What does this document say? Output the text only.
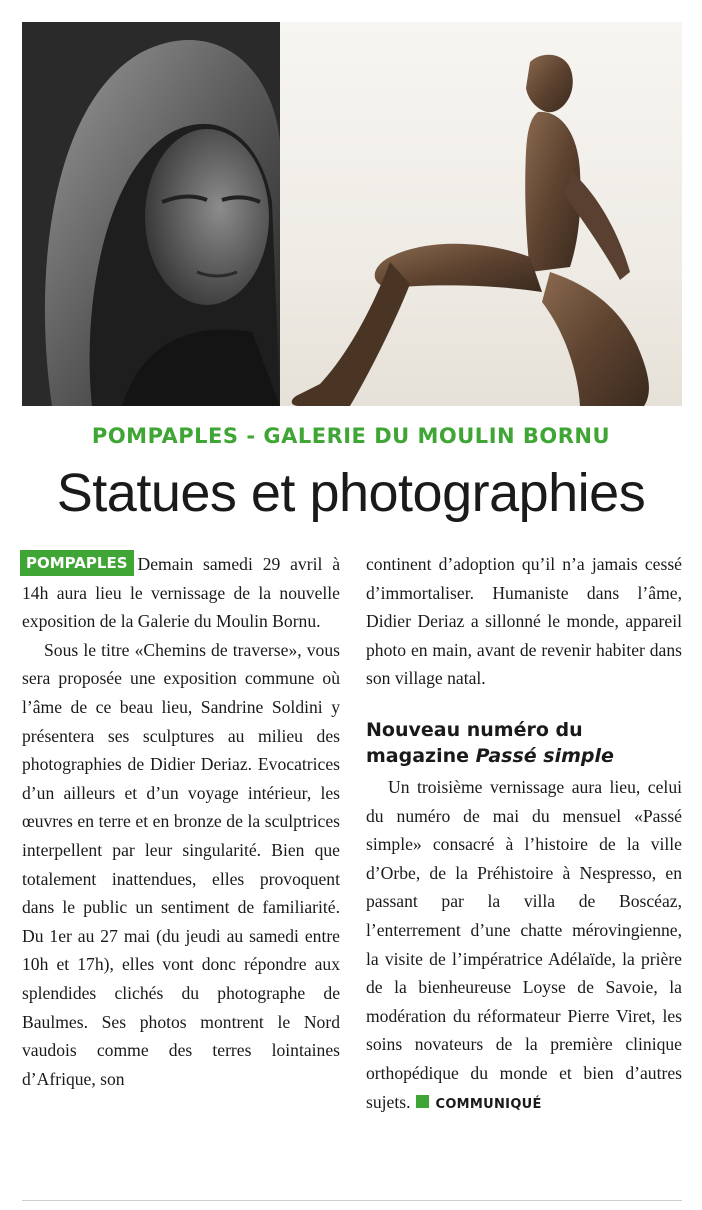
POMPAPLES - GALERIE DU MOULIN BORNU
Statues et photographies

POMPAPLES Demain samedi 29 avril à 14h aura lieu le vernissage de la nouvelle exposition de la Galerie du Moulin Bornu.

Sous le titre «Chemins de traverse», vous sera proposée une exposition commune où l’âme de ce beau lieu, Sandrine Soldini y présentera ses sculptures au milieu des photographies de Didier Deriaz. Evocatrices d’un ailleurs et d’un voyage intérieur, les œuvres en terre et en bronze de la sculptrices interpellent par leur singularité. Bien que totalement inattendues, elles provoquent dans le public un sentiment de familiarité. Du 1er au 27 mai (du jeudi au samedi entre 10h et 17h), elles vont donc répondre aux splendides clichés du photographe de Baulmes. Ses photos montrent le Nord vaudois comme des terres lointaines d’Afrique, son

continent d’adoption qu’il n’a jamais cessé d’immortaliser. Humaniste dans l’âme, Didier Deriaz a sillonné le monde, appareil photo en main, avant de revenir habiter dans son village natal.

Nouveau numéro du magazine Passé simple

Un troisième vernissage aura lieu, celui du numéro de mai du mensuel «Passé simple» consacré à l’histoire de la ville d’Orbe, de la Préhistoire à Nespresso, en passant par la villa de Boscéaz, l’enterrement d’une chatte mérovingienne, la visite de l’impératrice Adélaïde, la prière de la bienheureuse Loyse de Savoie, la modération du réformateur Pierre Viret, les soins novateurs de la première clinique orthopédique du monde et bien d’autres sujets. COMMUNIQUÉ
